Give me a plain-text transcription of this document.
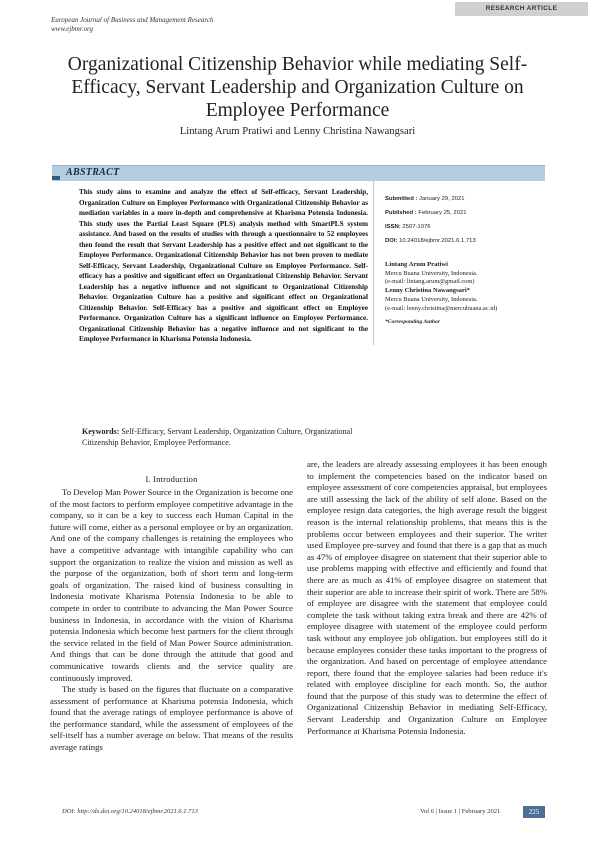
RESEARCH ARTICLE
European Journal of Business and Management Research
www.ejbmr.org
Organizational Citizenship Behavior while mediating Self-Efficacy, Servant Leadership and Organization Culture on Employee Performance
Lintang Arum Pratiwi and Lenny Christina Nawangsari
ABSTRACT
This study aims to examine and analyze the effect of Self-efficacy, Servant Leadership, Organization Culture on Employee Performance with Organizational Citizenship Behavior as mediation variables in a more in-depth and comprehensive at Kharisma Potensia Indonesia. This study uses the Partial Least Square (PLS) analysis method with SmartPLS system assistance. And based on the results of studies with through a questionnaire to 52 employees then found the result that Servant Leadership has a positive effect and not significant to the Employee Performance. Organizational Citizenship Behavior has not been proven to mediate Self-Efficacy, Servant Leadership, Organizational Culture on Employee Performance. Self-efficacy has a positive and significant effect on Organizational Citizenship Behavior. Servant Leadership has a negative influence and not significant to Organizational Citizenship Behavior. Organization Culture has a positive and significant effect on Organizational Citizenship Behavior. Self-Efficacy has a positive and significant effect on Employee Performance. Organization Culture has a significant influence on Employee Performance. Organizational Citizenship Behavior has a negative influence and not significant to the Employee Performance in Kharisma Potensia Indonesia.
Submitted : January 29, 2021
Published : February 25, 2021
ISSN: 2507-1076
DOI: 10.24018/ejbmr.2021.6.1.713
Lintang Arum Pratiwi
Mercu Buana University, Indonesia.
(e-mail: lintang.arum@gmail.com)
Lenny Christina Nawangsari*
Mercu Buana University, Indonesia.
(e-mail: lenny.christina@mercubuana.ac.id)
*Corresponding Author
Keywords: Self-Efficacy, Servant Leadership, Organization Culture, Organizational Citizenship Behavior, Employee Performance.
I. Introduction

To Develop Man Power Source in the Organization is become one of the most factors to perform employee competitive advantage in the company, so it can be a key to success each Human Capital in the future will come, either as a personal employee or by an organization. And one of the company challenges is retaining the employees who have a competitive advantage with intangible capability who can support the organization to realize the vision and mission as well as the purpose of the organization, both of short term and long-term goals of organization. The raised kind of business consulting in Indonesia motivate Kharisma Potensia Indonesia to be able to compete in order to contribute to advancing the Man Power Source business in Indonesia, in accordance with the vision of Kharisma potensia Indonesia which become best partners for the client through the service related in the field of Man Power Source administration. And things that can be done through the attitude that good and communicative towards clients and the service quality are continuously improved.

The study is based on the figures that fluctuate on a comparative assessment of performance at Kharisma potensia Indonesia, which found that the average ratings of employee performance is above of the performance standard, while the assessment of employees of the self-itself has a number average on below. That means of the results average ratings

are, the leaders are already assessing employees it has been enough to implement the competencies based on the indicator based on employee assessment of core competencies appraisal, but employees are still assessing the lack of the ability of self alone. Based on the employee resign data categories, the high average result the biggest reason is the internal relationship problems, that means this is the problems occur between employees and their superior. The writer used Employee pre-survey and found that there is a gap that as much as 47% of employee disagree on statement that their superior able to use problems mapping with effective and efficiently and found that there are as much as 41% of employee disagree on statement that their superior are able to increase their spirit of work. There are 58% of employee are disagree with the statement that employee could complete the task without taking extra break and there are 42% of employee disagree with statement of the employee could perform task without any employee job obligation. but employees still do it because employees consider these tasks important to the progress of the organization. And based on percentage of employee attendance report, there found that the employee salaries had been reduce it's related with employee discipline for each month. So, the author found that the purpose of this study was to determine the effect of Organizational Citizenship Behavior in mediating Self-Efficacy, Servant Leadership and Organization Culture on Employee Performance at Kharisma Potensia Indonesia.

DOI: http://dx.doi.org/10.24018/ejbmr.2021.6.1.713	Vol 6 | Issue 1 | February 2021	225
